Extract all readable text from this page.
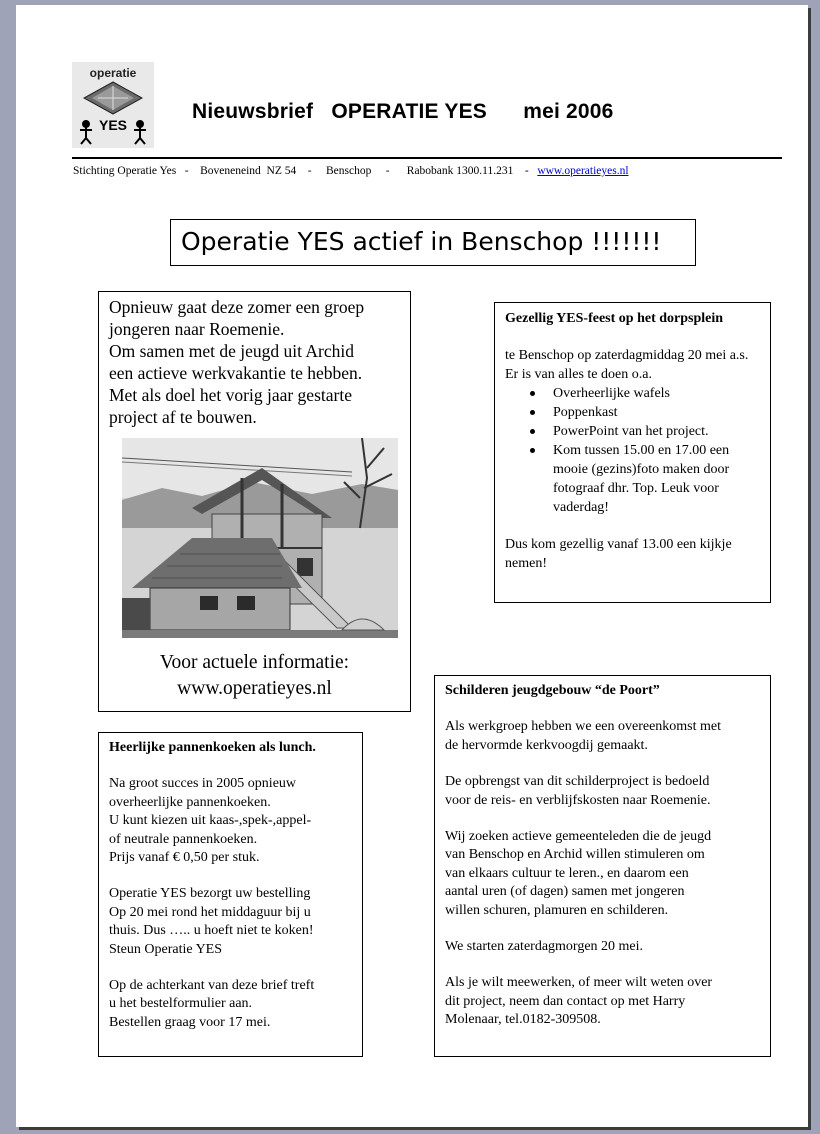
operatie
YES
Nieuwsbrief   OPERATIE YES      mei 2006
Stichting Operatie Yes   -    Boveneneind  NZ 54    -     Benschop     -      Rabobank 1300.11.231    -   www.operatieyes.nl
Operatie YES actief in Benschop !!!!!!!
Opnieuw gaat deze zomer een groep
jongeren naar Roemenie.
Om samen met de jeugd uit Archid
een actieve werkvakantie te hebben.
Met als doel het vorig jaar gestarte
project af te bouwen.
Voor actuele informatie:
www.operatieyes.nl
Gezellig YES-feest op het dorpsplein
te Benschop op zaterdagmiddag 20 mei a.s.
Er is van alles te doen o.a.
Overheerlijke wafels
Poppenkast
PowerPoint van het project.
Kom tussen 15.00 en 17.00 een mooie (gezins)foto maken door fotograaf dhr. Top. Leuk voor vaderdag!
Dus kom gezellig vanaf 13.00 een kijkje nemen!
Heerlijke pannenkoeken als lunch.
Na groot succes in 2005 opnieuw
overheerlijke pannenkoeken.
U kunt kiezen uit kaas-,spek-,appel-
of neutrale pannenkoeken.
Prijs vanaf € 0,50 per stuk.
Operatie YES bezorgt uw bestelling
Op 20 mei rond het middaguur bij u
thuis. Dus ….. u hoeft niet te koken!
Steun Operatie YES
Op de achterkant van deze brief treft
u het bestelformulier aan.
Bestellen graag voor 17 mei.
Schilderen jeugdgebouw “de Poort”
Als werkgroep hebben we een overeenkomst met
de hervormde kerkvoogdij gemaakt.
De opbrengst van dit schilderproject is bedoeld
voor de reis- en verblijfskosten naar Roemenie.
Wij zoeken actieve gemeenteleden die de jeugd
van Benschop en Archid willen stimuleren om
van elkaars cultuur te leren., en daarom een
aantal uren (of dagen) samen met jongeren
willen schuren, plamuren en schilderen.
We starten zaterdagmorgen 20 mei.
Als je wilt meewerken, of meer wilt weten over
dit project, neem dan contact op met Harry
Molenaar, tel.0182-309508.
